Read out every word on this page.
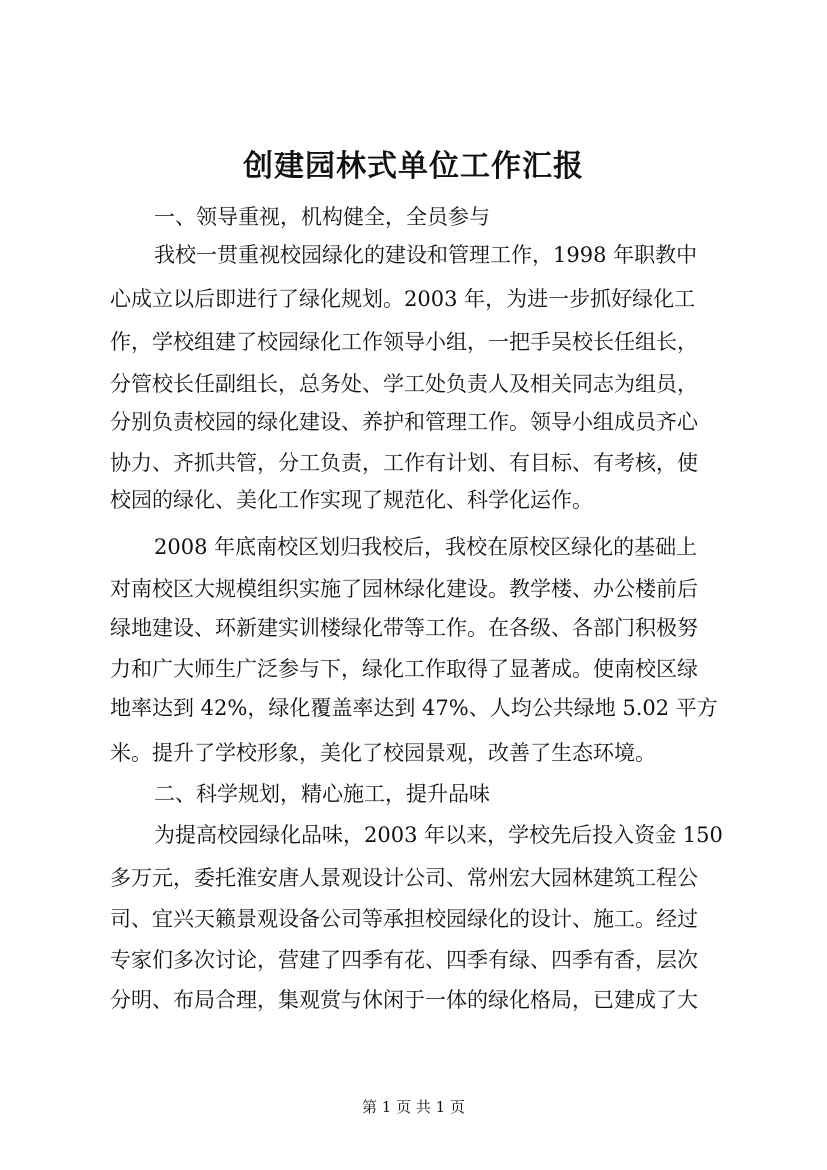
创建园林式单位工作汇报
一、领导重视，机构健全，全员参与
我校一贯重视校园绿化的建设和管理工作，1998 年职教中
心成立以后即进行了绿化规划。2003 年，为进一步抓好绿化工
作，学校组建了校园绿化工作领导小组，一把手吴校长任组长，
分管校长任副组长，总务处、学工处负责人及相关同志为组员，
分别负责校园的绿化建设、养护和管理工作。领导小组成员齐心
协力、齐抓共管，分工负责，工作有计划、有目标、有考核，使
校园的绿化、美化工作实现了规范化、科学化运作。
2008 年底南校区划归我校后，我校在原校区绿化的基础上
对南校区大规模组织实施了园林绿化建设。教学楼、办公楼前后
绿地建设、环新建实训楼绿化带等工作。在各级、各部门积极努
力和广大师生广泛参与下，绿化工作取得了显著成。使南校区绿
地率达到 42%，绿化覆盖率达到 47%、人均公共绿地 5.02 平方
米。提升了学校形象，美化了校园景观，改善了生态环境。
二、科学规划，精心施工，提升品味
为提高校园绿化品味，2003 年以来，学校先后投入资金 150
多万元，委托淮安唐人景观设计公司、常州宏大园林建筑工程公
司、宜兴天籁景观设备公司等承担校园绿化的设计、施工。经过
专家们多次讨论，营建了四季有花、四季有绿、四季有香，层次
分明、布局合理，集观赏与休闲于一体的绿化格局，已建成了大
第 1 页 共 1 页
